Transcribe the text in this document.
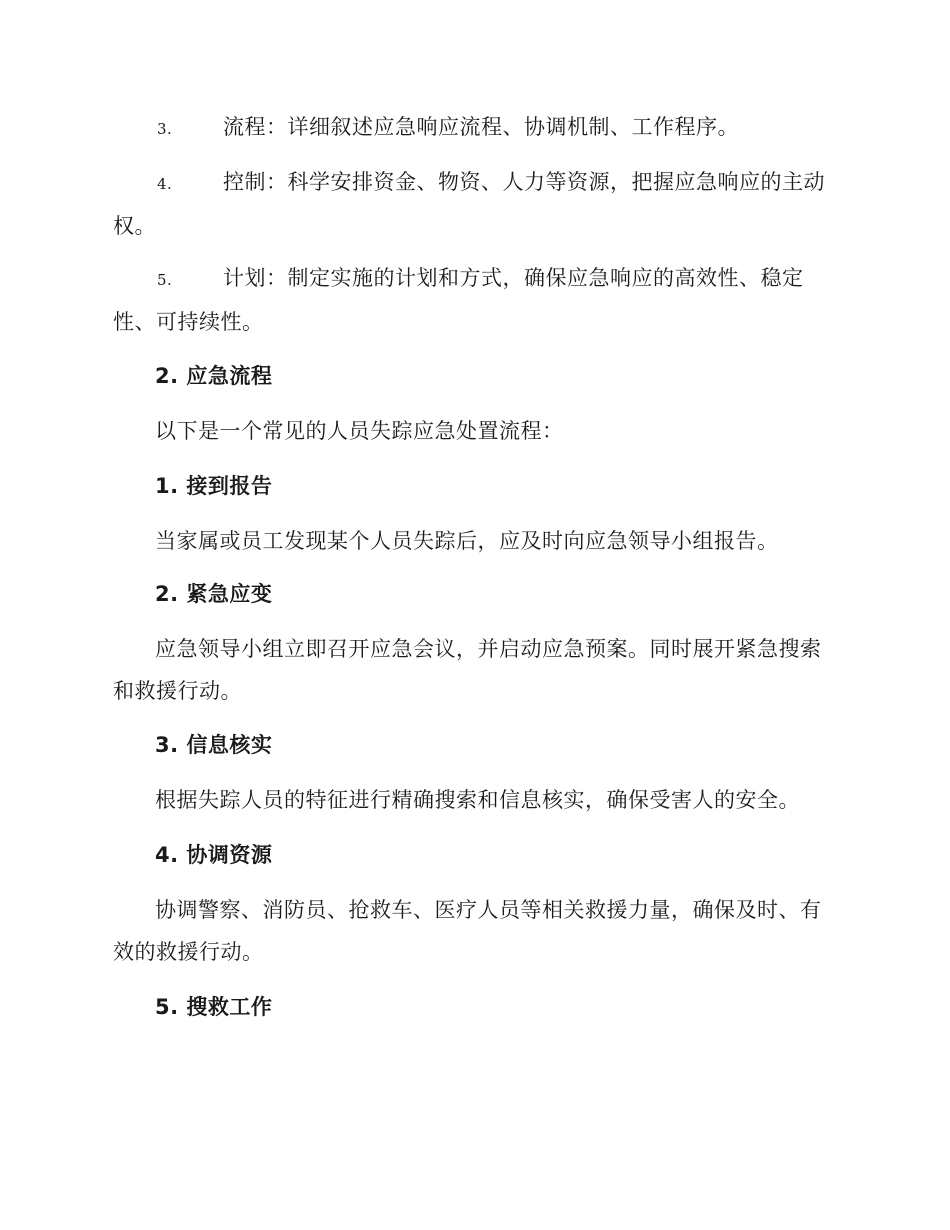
3. 流程：详细叙述应急响应流程、协调机制、工作程序。
4. 控制：科学安排资金、物资、人力等资源，把握应急响应的主动权。
5. 计划：制定实施的计划和方式，确保应急响应的高效性、稳定性、可持续性。
2. 应急流程
以下是一个常见的人员失踪应急处置流程：
1. 接到报告
当家属或员工发现某个人员失踪后，应及时向应急领导小组报告。
2. 紧急应变
应急领导小组立即召开应急会议，并启动应急预案。同时展开紧急搜索和救援行动。
3. 信息核实
根据失踪人员的特征进行精确搜索和信息核实，确保受害人的安全。
4. 协调资源
协调警察、消防员、抢救车、医疗人员等相关救援力量，确保及时、有效的救援行动。
5. 搜救工作
